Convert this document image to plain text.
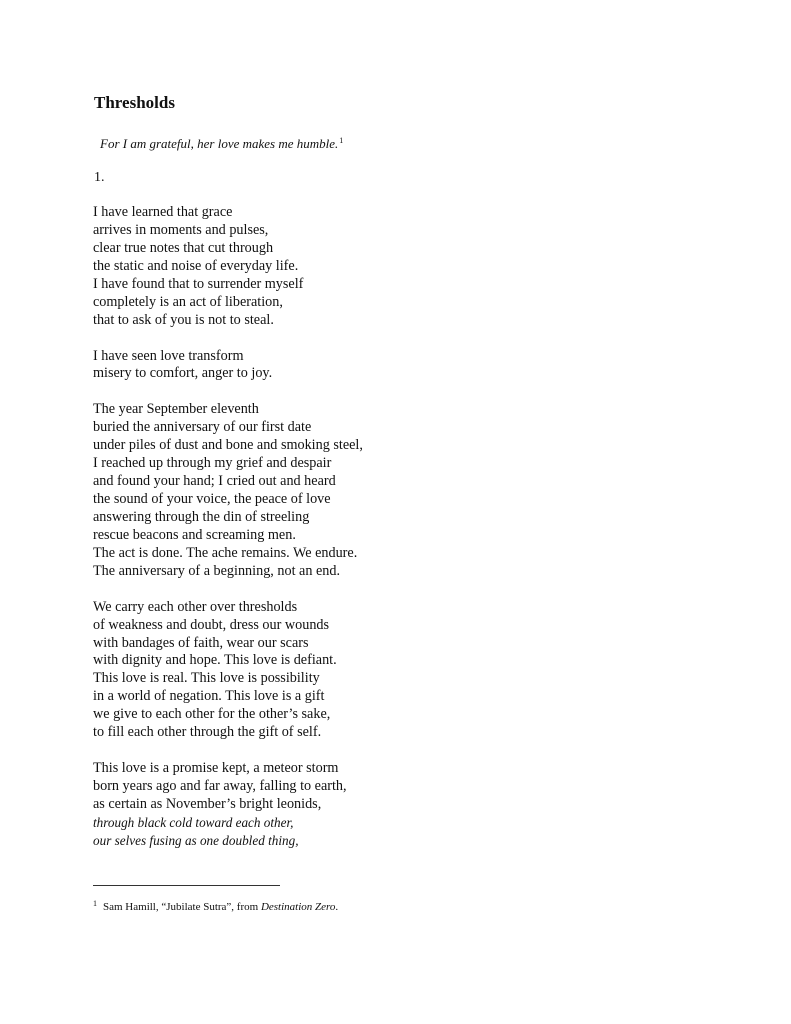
Thresholds
For I am grateful, her love makes me humble.$^1$
1.
I have learned that grace
arrives in moments and pulses,
clear true notes that cut through
the static and noise of everyday life.
I have found that to surrender myself
completely is an act of liberation,
that to ask of you is not to steal.
I have seen love transform
misery to comfort, anger to joy.
The year September eleventh
buried the anniversary of our first date
under piles of dust and bone and smoking steel,
I reached up through my grief and despair
and found your hand; I cried out and heard
the sound of your voice, the peace of love
answering through the din of streeling
rescue beacons and screaming men.
The act is done. The ache remains. We endure.
The anniversary of a beginning, not an end.
We carry each other over thresholds
of weakness and doubt, dress our wounds
with bandages of faith, wear our scars
with dignity and hope. This love is defiant.
This love is real. This love is possibility
in a world of negation. This love is a gift
we give to each other for the other’s sake,
to fill each other through the gift of self.
This love is a promise kept, a meteor storm
born years ago and far away, falling to earth,
as certain as November’s bright leonids,
through black cold toward each other,
our selves fusing as one doubled thing,
$^1$ Sam Hamill, “Jubilate Sutra”, from Destination Zero.
